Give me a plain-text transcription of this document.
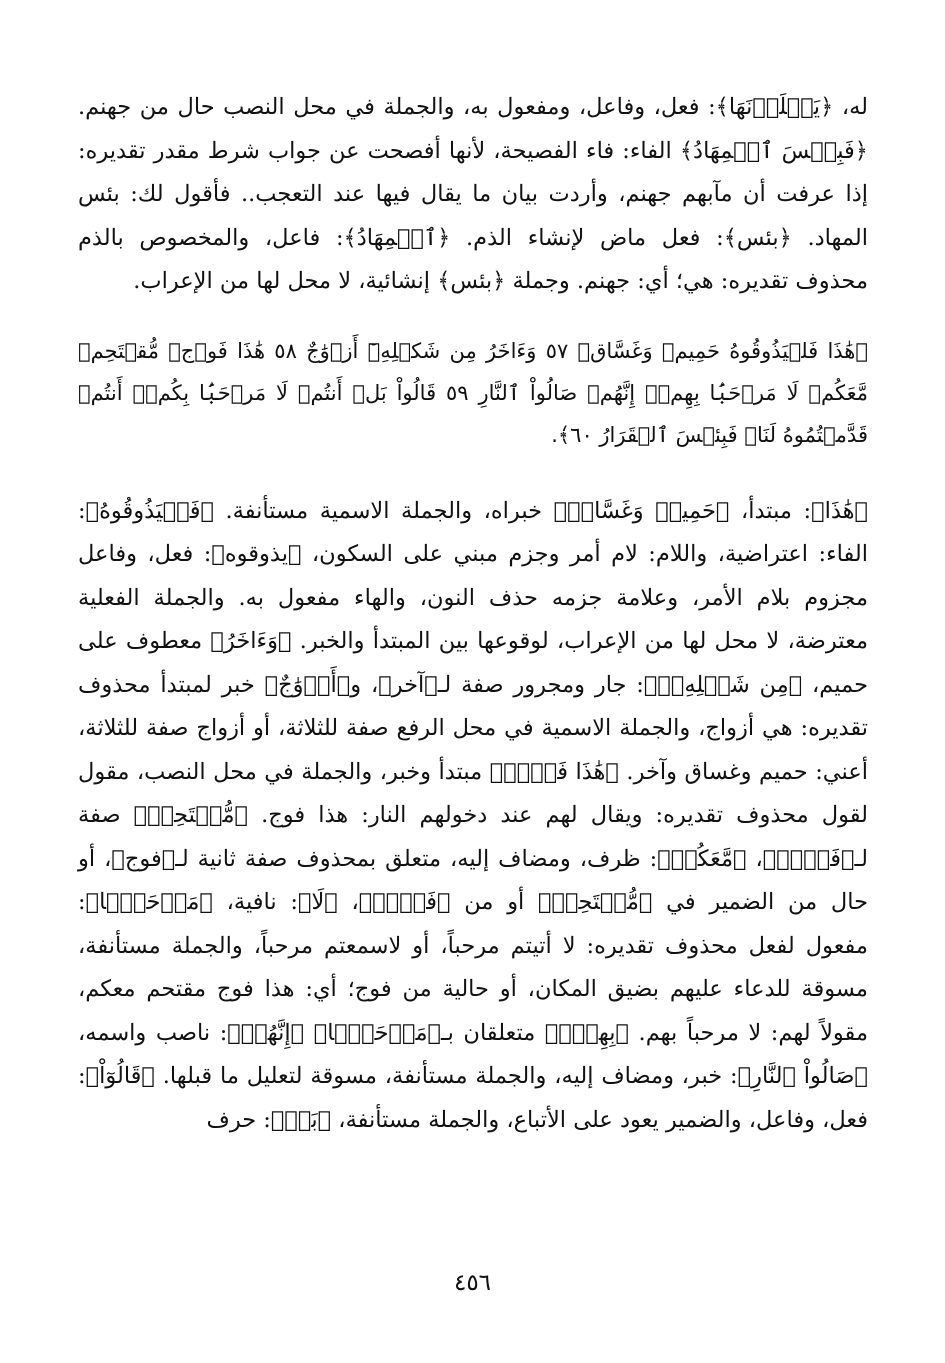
له، ﴿يَصۡلَوۡنَهَا﴾: فعل، وفاعل، ومفعول به، والجملة في محل النصب حال من جهنم. ﴿فَبِئۡسَ ٱلۡمِهَادُ﴾ الفاء: فاء الفصيحة، لأنها أفصحت عن جواب شرط مقدر تقديره: إذا عرفت أن مآبهم جهنم، وأردت بيان ما يقال فيها عند التعجب.. فأقول لك: بئس المهاد. ﴿بئس﴾: فعل ماض لإنشاء الذم. ﴿ٱلۡمِهَادُ﴾: فاعل، والمخصوص بالذم محذوف تقديره: هي؛ أي: جهنم. وجملة ﴿بئس﴾ إنشائية، لا محل لها من الإعراب.

﴿هَٰذَا فَلۡيَذُوقُوهُ حَمِيمٞ وَغَسَّاقٞ ٥٧ وَءَاخَرُ مِن شَكۡلِهِۦٓ أَزۡوَٰجٌ ٥٨ هَٰذَا فَوۡجٞ مُّقۡتَحِمٞ مَّعَكُمۡ لَا مَرۡحَبَۢا بِهِمۡۚ إِنَّهُمۡ صَالُواْ ٱلنَّارِ ٥٩ قَالُواْ بَلۡ أَنتُمۡ لَا مَرۡحَبَۢا بِكُمۡۖ أَنتُمۡ قَدَّمۡتُمُوهُ لَنَاۖ فَبِئۡسَ ٱلۡقَرَارُ ٦٠﴾.

﴿هَٰذَا﴾: مبتدأ، ﴿حَمِيمٞ وَغَسَّاقٞ﴾ خبراه، والجملة الاسمية مستأنفة. ﴿فَلۡيَذُوقُوهُ﴾: الفاء: اعتراضية، واللام: لام أمر وجزم مبني على السكون، ﴿يذوقوه﴾: فعل، وفاعل مجزوم بلام الأمر، وعلامة جزمه حذف النون، والهاء مفعول به. والجملة الفعلية معترضة، لا محل لها من الإعراب، لوقوعها بين المبتدأ والخبر. ﴿وَءَاخَرُ﴾ معطوف على حميم، ﴿مِن شَكۡلِهِۦٓ﴾: جار ومجرور صفة لـ﴿آخر﴾، و﴿أَزۡوَٰجٌ﴾ خبر لمبتدأ محذوف تقديره: هي أزواج، والجملة الاسمية في محل الرفع صفة للثلاثة، أو أزواج صفة للثلاثة، أعني: حميم وغساق وآخر. ﴿هَٰذَا فَوۡجٞ﴾ مبتدأ وخبر، والجملة في محل النصب، مقول لقول محذوف تقديره: ويقال لهم عند دخولهم النار: هذا فوج. ﴿مُّقۡتَحِمٞ﴾ صفة لـ﴿فَوۡجٞ﴾، ﴿مَّعَكُمۡ﴾: ظرف، ومضاف إليه، متعلق بمحذوف صفة ثانية لـ﴿فوج﴾، أو حال من الضمير في ﴿مُّقۡتَحِمٞ﴾ أو من ﴿فَوۡجٞ﴾، ﴿لَا﴾: نافية، ﴿مَرۡحَبَۢا﴾: مفعول لفعل محذوف تقديره: لا أتيتم مرحباً، أو لاسمعتم مرحباً، والجملة مستأنفة، مسوقة للدعاء عليهم بضيق المكان، أو حالية من فوج؛ أي: هذا فوج مقتحم معكم، مقولاً لهم: لا مرحباً بهم. ﴿بِهِمۡۚ﴾ متعلقان بـ﴿مَرۡحَبَۢا﴾ ﴿إِنَّهُمۡ﴾: ناصب واسمه، ﴿صَالُواْ ٱلنَّارِ﴾: خبر، ومضاف إليه، والجملة مستأنفة، مسوقة لتعليل ما قبلها. ﴿قَالُوٓاْ﴾: فعل، وفاعل، والضمير يعود على الأتباع، والجملة مستأنفة، ﴿بَلۡ﴾: حرف

٤٥٦
